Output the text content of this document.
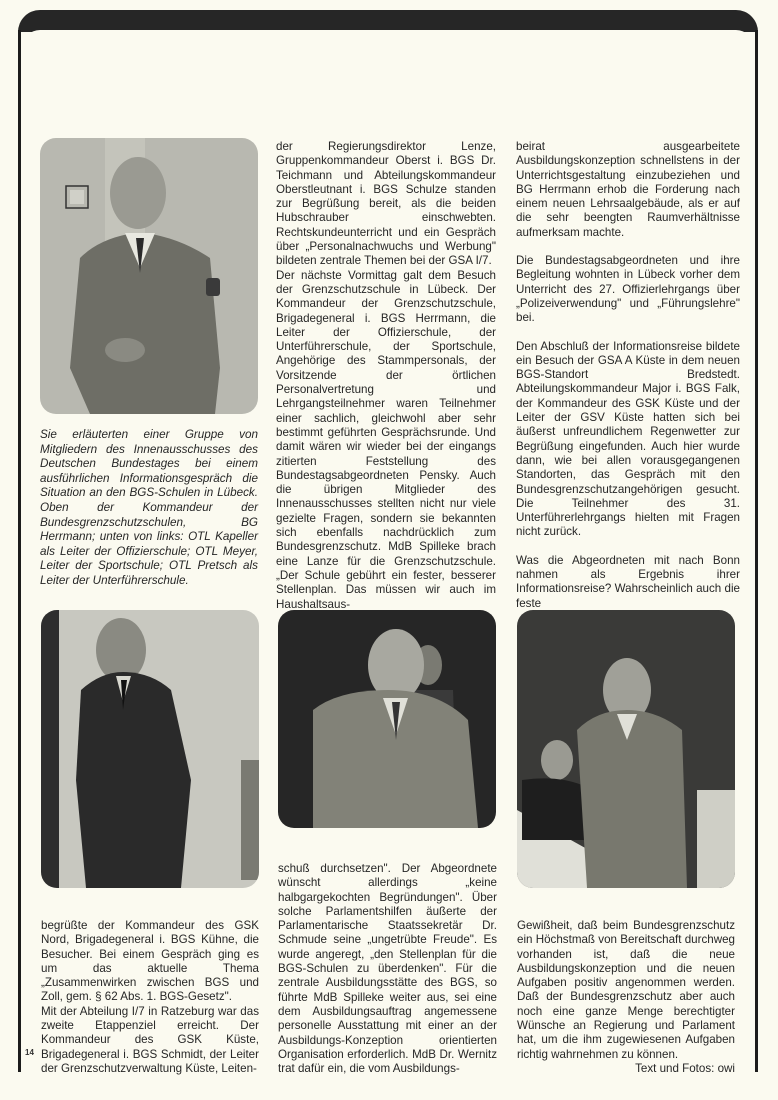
Sie erläuterten einer Gruppe von Mitgliedern des Innenausschusses des Deutschen Bundestages bei einem ausführlichen Informationsgespräch die Situation an den BGS-Schulen in Lübeck. Oben der Kommandeur der Bundesgrenzschutzschulen, BG Herrmann; unten von links: OTL Kapeller als Leiter der Offizierschule; OTL Meyer, Leiter der Sportschule; OTL Pretsch als Leiter der Unterführerschule.

der Regierungsdirektor Lenze, Gruppenkommandeur Oberst i. BGS Dr. Teichmann und Abteilungskommandeur Oberstleutnant i. BGS Schulze standen zur Begrüßung bereit, als die beiden Hubschrauber einschwebten. Rechtskundeunterricht und ein Gespräch über „Personalnachwuchs und Werbung" bildeten zentrale Themen bei der GSA I/7.

Der nächste Vormittag galt dem Besuch der Grenzschutzschule in Lübeck. Der Kommandeur der Grenzschutzschule, Brigadegeneral i. BGS Herrmann, die Leiter der Offizierschule, der Unterführerschule, der Sportschule, Angehörige des Stammpersonals, der Vorsitzende der örtlichen Personalvertretung und Lehrgangsteilnehmer waren Teilnehmer einer sachlich, gleichwohl aber sehr bestimmt geführten Gesprächsrunde. Und damit wären wir wieder bei der eingangs zitierten Feststellung des Bundestagsabgeordneten Pensky. Auch die übrigen Mitglieder des Innenausschusses stellten nicht nur viele gezielte Fragen, sondern sie bekannten sich ebenfalls nachdrücklich zum Bundesgrenzschutz. MdB Spilleke brach eine Lanze für die Grenzschutzschule. „Der Schule gebührt ein fester, besserer Stellenplan. Das müssen wir auch im Haushaltsaus-

beirat ausgearbeitete Ausbildungskonzeption schnellstens in der Unterrichtsgestaltung einzubeziehen und BG Herrmann erhob die Forderung nach einem neuen Lehrsaalgebäude, als er auf die sehr beengten Raumverhältnisse aufmerksam machte.

Die Bundestagsabgeordneten und ihre Begleitung wohnten in Lübeck vorher dem Unterricht des 27. Offizierlehrgangs über „Polizeiverwendung" und „Führungslehre" bei.

Den Abschluß der Informationsreise bildete ein Besuch der GSA A Küste in dem neuen BGS-Standort Bredstedt. Abteilungskommandeur Major i. BGS Falk, der Kommandeur des GSK Küste und der Leiter der GSV Küste hatten sich bei äußerst unfreundlichem Regenwetter zur Begrüßung eingefunden. Auch hier wurde dann, wie bei allen vorausgegangenen Standorten, das Gespräch mit den Bundesgrenzschutzangehörigen gesucht. Die Teilnehmer des 31. Unterführerlehrgangs hielten mit Fragen nicht zurück.

Was die Abgeordneten mit nach Bonn nahmen als Ergebnis ihrer Informationsreise? Wahrscheinlich auch die feste

begrüßte der Kommandeur des GSK Nord, Brigadegeneral i. BGS Kühne, die Besucher. Bei einem Gespräch ging es um das aktuelle Thema „Zusammenwirken zwischen BGS und Zoll, gem. § 62 Abs. 1. BGS-Gesetz".

Mit der Abteilung I/7 in Ratzeburg war das zweite Etappenziel erreicht. Der Kommandeur des GSK Küste, Brigadegeneral i. BGS Schmidt, der Leiter der Grenzschutzverwaltung Küste, Leiten-

schuß durchsetzen". Der Abgeordnete wünscht allerdings „keine halbgargekochten Begründungen". Über solche Parlamentshilfen äußerte der Parlamentarische Staatssekretär Dr. Schmude seine „ungetrübte Freude". Es wurde angeregt, „den Stellenplan für die BGS-Schulen zu überdenken". Für die zentrale Ausbildungsstätte des BGS, so führte MdB Spilleke weiter aus, sei eine dem Ausbildungsauftrag angemessene personelle Ausstattung mit einer an der Ausbildungs-Konzeption orientierten Organisation erforderlich. MdB Dr. Wernitz trat dafür ein, die vom Ausbildungs-

Gewißheit, daß beim Bundesgrenzschutz ein Höchstmaß von Bereitschaft durchweg vorhanden ist, daß die neue Ausbildungskonzeption und die neuen Aufgaben positiv angenommen werden. Daß der Bundesgrenzschutz aber auch noch eine ganze Menge berechtigter Wünsche an Regierung und Parlament hat, um die ihm zugewiesenen Aufgaben richtig wahrnehmen zu können.

Text und Fotos: owi

14
